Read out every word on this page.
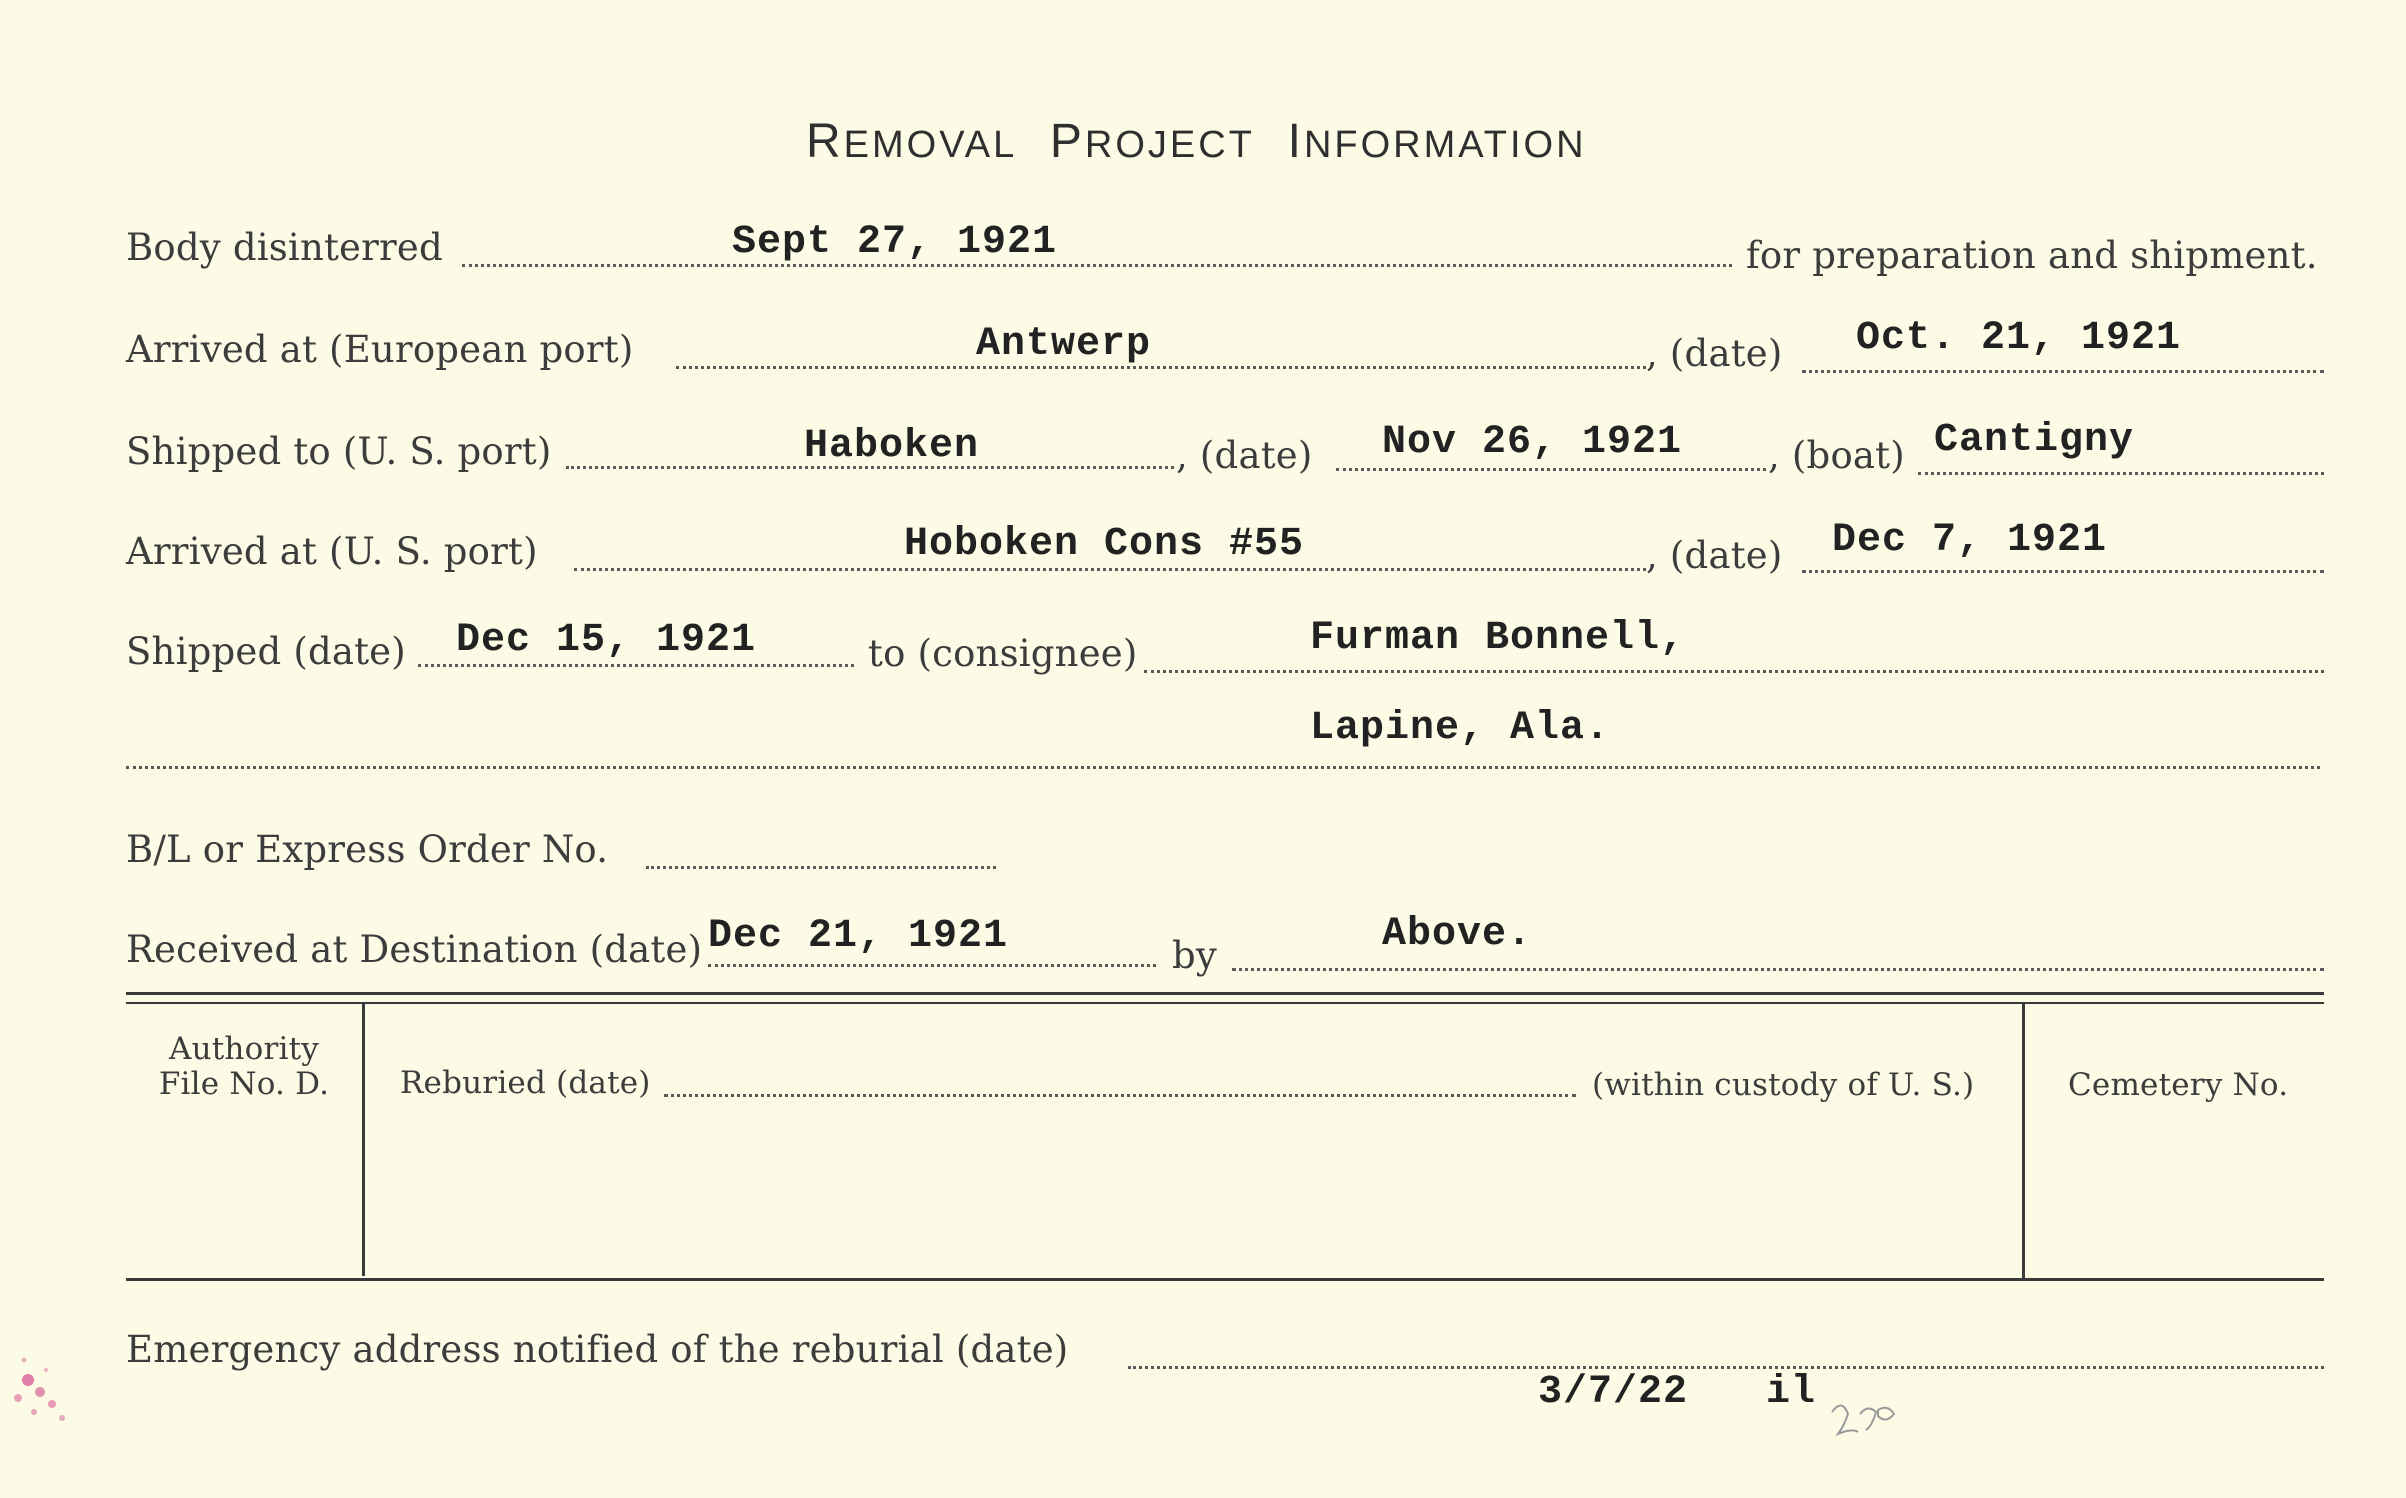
REMOVAL PROJECT INFORMATION
Body disinterred	Sept 27, 1921	for preparation and shipment.
Arrived at (European port)	Antwerp	, (date) Oct. 21, 1921
Shipped to (U. S. port)	Haboken	, (date) Nov 26, 1921 , (boat) Cantigny
Arrived at (U. S. port)	Hoboken Cons #55	, (date) Dec 7, 1921
Shipped (date) Dec 15, 1921	to (consignee)	Furman Bonnell,
Lapine, Ala.
B/L or Express Order No.
Received at Destination (date) Dec 21, 1921	by	Above.
Authority
File No. D.	Reburied (date)	(within custody of U. S.)	Cemetery No.
Emergency address notified of the reburial (date)
3/7/22 il
